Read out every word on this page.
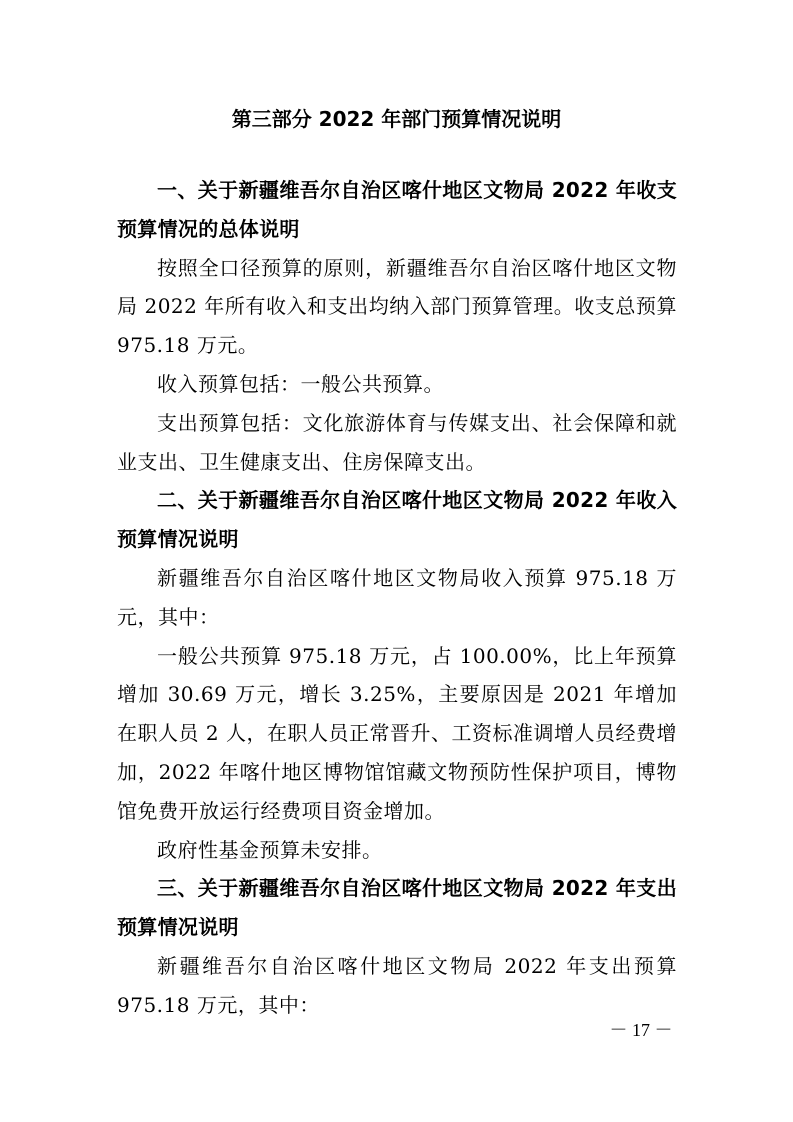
第三部分 2022 年部门预算情况说明

一、关于新疆维吾尔自治区喀什地区文物局 2022 年收支预算情况的总体说明

按照全口径预算的原则，新疆维吾尔自治区喀什地区文物局 2022 年所有收入和支出均纳入部门预算管理。收支总预算 975.18 万元。

收入预算包括：一般公共预算。

支出预算包括：文化旅游体育与传媒支出、社会保障和就业支出、卫生健康支出、住房保障支出。

二、关于新疆维吾尔自治区喀什地区文物局 2022 年收入预算情况说明

新疆维吾尔自治区喀什地区文物局收入预算 975.18 万元，其中：

一般公共预算 975.18 万元，占 100.00%，比上年预算增加 30.69 万元，增长 3.25%，主要原因是 2021 年增加在职人员 2 人，在职人员正常晋升、工资标准调增人员经费增加，2022 年喀什地区博物馆馆藏文物预防性保护项目，博物馆免费开放运行经费项目资金增加。

政府性基金预算未安排。

三、关于新疆维吾尔自治区喀什地区文物局 2022 年支出预算情况说明

新疆维吾尔自治区喀什地区文物局 2022 年支出预算 975.18 万元，其中：

－ 17 －
